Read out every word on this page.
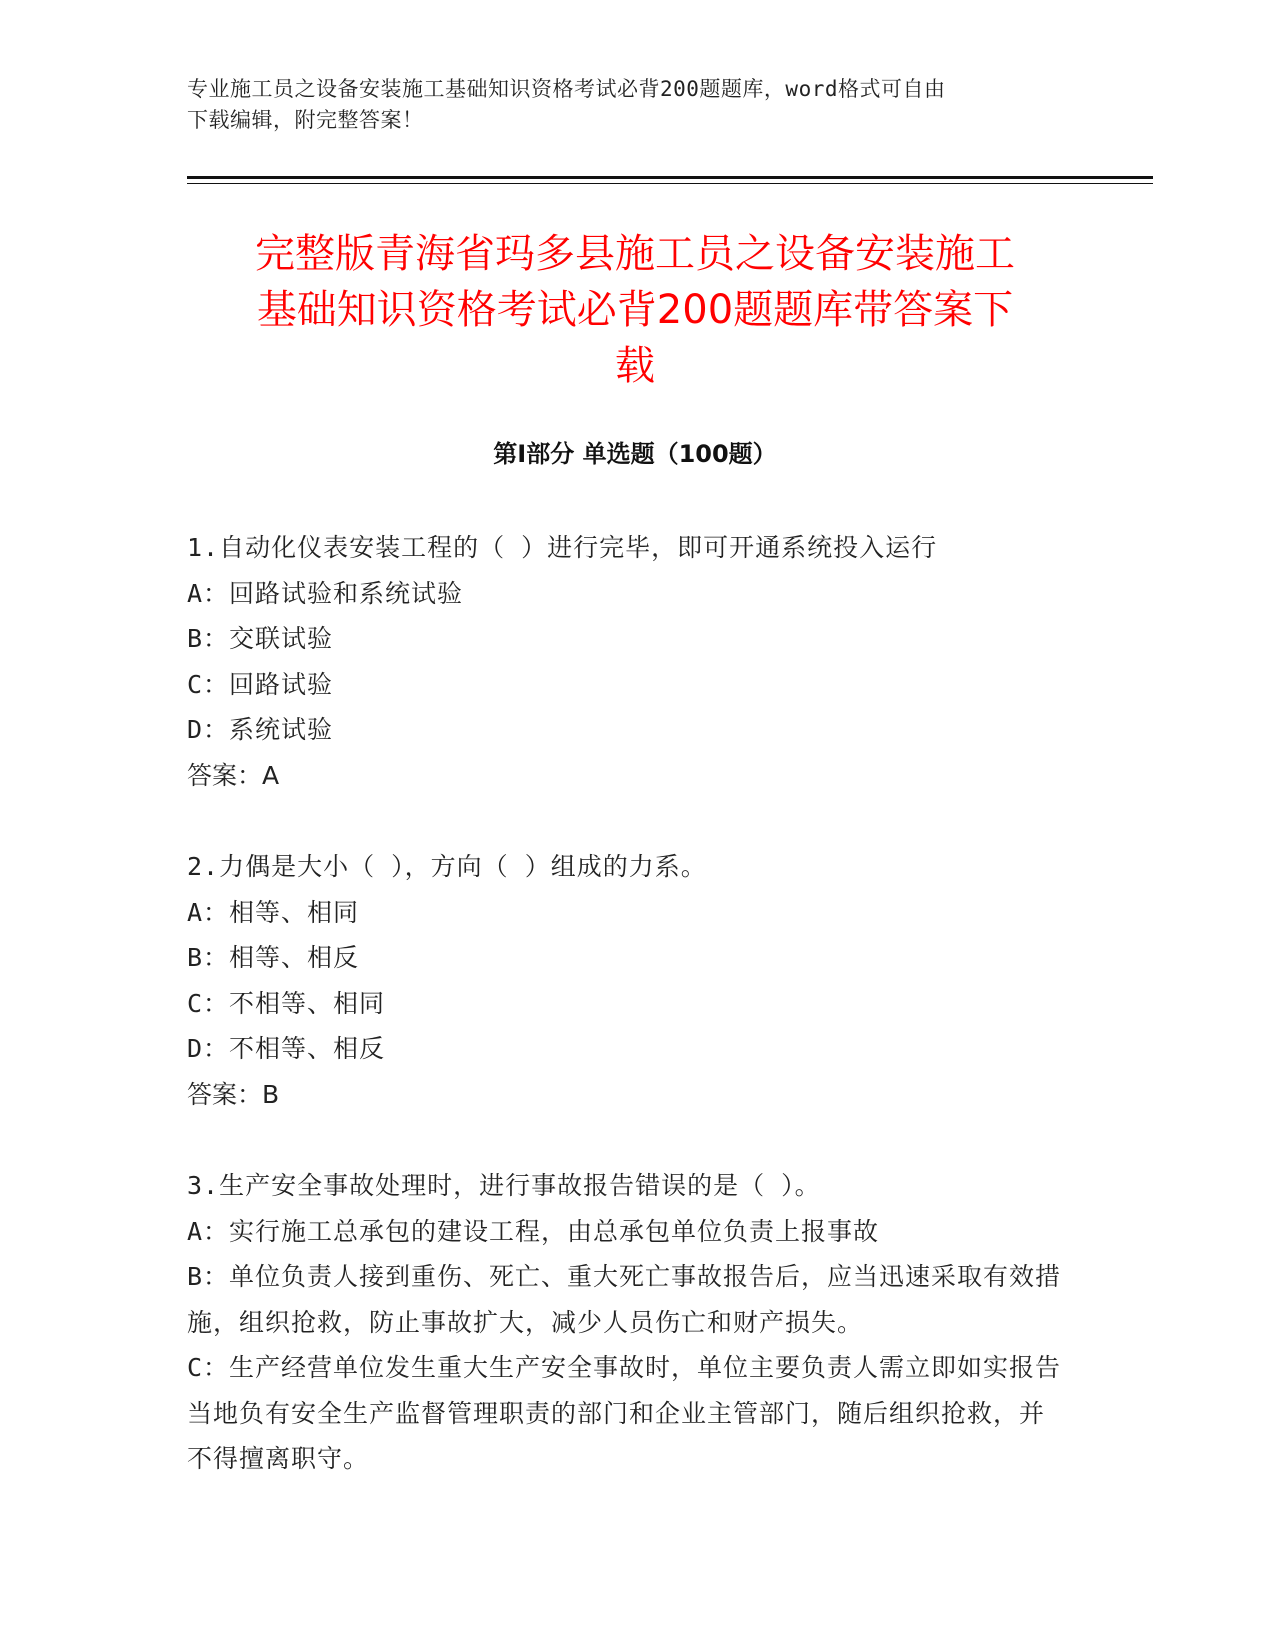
专业施工员之设备安装施工基础知识资格考试必背200题题库，word格式可自由
下载编辑，附完整答案！
完整版青海省玛多县施工员之设备安装施工
基础知识资格考试必背200题题库带答案下
载
第Ⅰ部分 单选题（100题）

1.自动化仪表安装工程的（ ）进行完毕，即可开通系统投入运行

A：回路试验和系统试验

B：交联试验

C：回路试验

D：系统试验

答案：A

2.力偶是大小（ ），方向（ ）组成的力系。

A：相等、相同

B：相等、相反

C：不相等、相同

D：不相等、相反

答案：B

3.生产安全事故处理时，进行事故报告错误的是（ ）。

A：实行施工总承包的建设工程，由总承包单位负责上报事故

B：单位负责人接到重伤、死亡、重大死亡事故报告后，应当迅速采取有效措施，组织抢救，防止事故扩大，减少人员伤亡和财产损失。

C：生产经营单位发生重大生产安全事故时，单位主要负责人需立即如实报告当地负有安全生产监督管理职责的部门和企业主管部门，随后组织抢救，并不得擅离职守。
